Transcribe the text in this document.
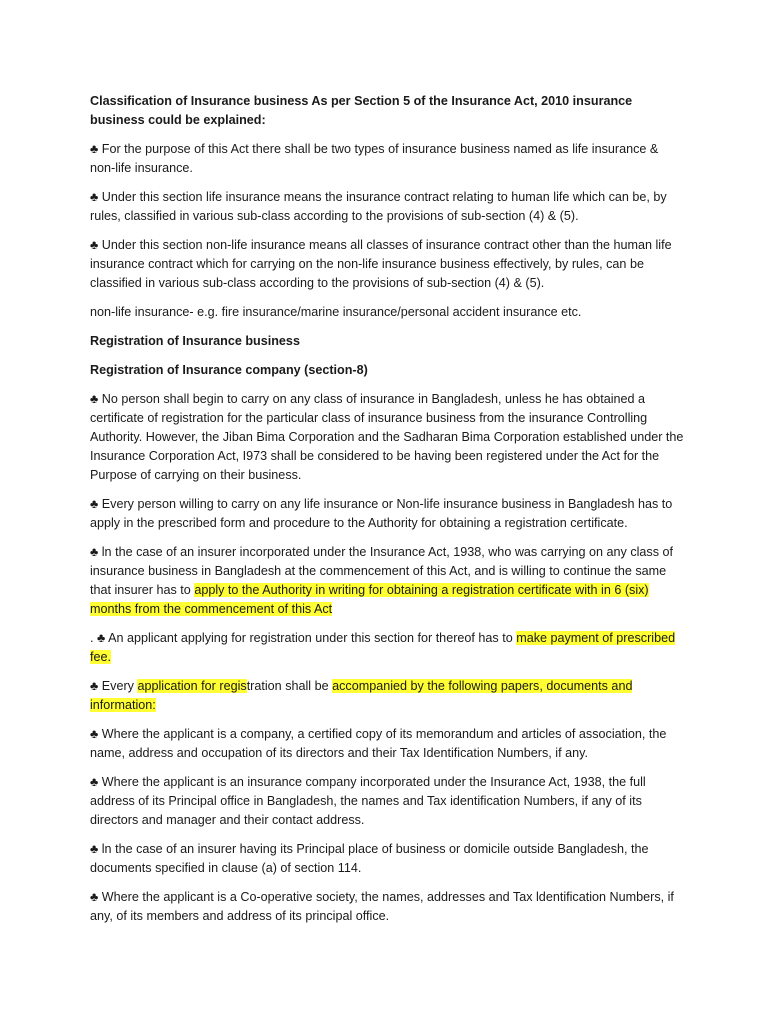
Classification of Insurance business As per Section 5 of the Insurance Act, 2010 insurance business could be explained:

♣ For the purpose of this Act there shall be two types of insurance business named as life insurance & non-life insurance.

♣ Under this section life insurance means the insurance contract relating to human life which can be, by rules, classified in various sub-class according to the provisions of sub-section (4) & (5).

♣ Under this section non-life insurance means all classes of insurance contract other than the human life insurance contract which for carrying on the non-life insurance business effectively, by rules, can be classified in various sub-class according to the provisions of sub-section (4) & (5).

non-life insurance- e.g. fire insurance/marine insurance/personal accident insurance etc.

Registration of Insurance business

Registration of Insurance company (section-8)

♣ No person shall begin to carry on any class of insurance in Bangladesh, unless he has obtained a certificate of registration for the particular class of insurance business from the insurance Controlling Authority. However, the Jiban Bima Corporation and the Sadharan Bima Corporation established under the Insurance Corporation Act, I973 shall be considered to be having been registered under the Act for the Purpose of carrying on their business.

♣ Every person willing to carry on any life insurance or Non-life insurance business in Bangladesh has to apply in the prescribed form and procedure to the Authority for obtaining a registration certificate.

♣ ln the case of an insurer incorporated under the Insurance Act, 1938, who was carrying on any class of insurance business in Bangladesh at the commencement of this Act, and is willing to continue the same that insurer has to apply to the Authority in writing for obtaining a registration certificate with in 6 (six) months from the commencement of this Act

. ♣ An applicant applying for registration under this section for thereof has to make payment of prescribed fee.

♣ Every application for registration shall be accompanied by the following papers, documents and information:

♣ Where the applicant is a company, a certified copy of its memorandum and articles of association, the name, address and occupation of its directors and their Tax Identification Numbers, if any.

♣ Where the applicant is an insurance company incorporated under the Insurance Act, 1938, the full address of its Principal office in Bangladesh, the names and Tax identification Numbers, if any of its directors and manager and their contact address.

♣ ln the case of an insurer having its Principal place of business or domicile outside Bangladesh, the documents specified in clause (a) of section 114.

♣ Where the applicant is a Co-operative society, the names, addresses and Tax ldentification Numbers, if any, of its members and address of its principal office.
